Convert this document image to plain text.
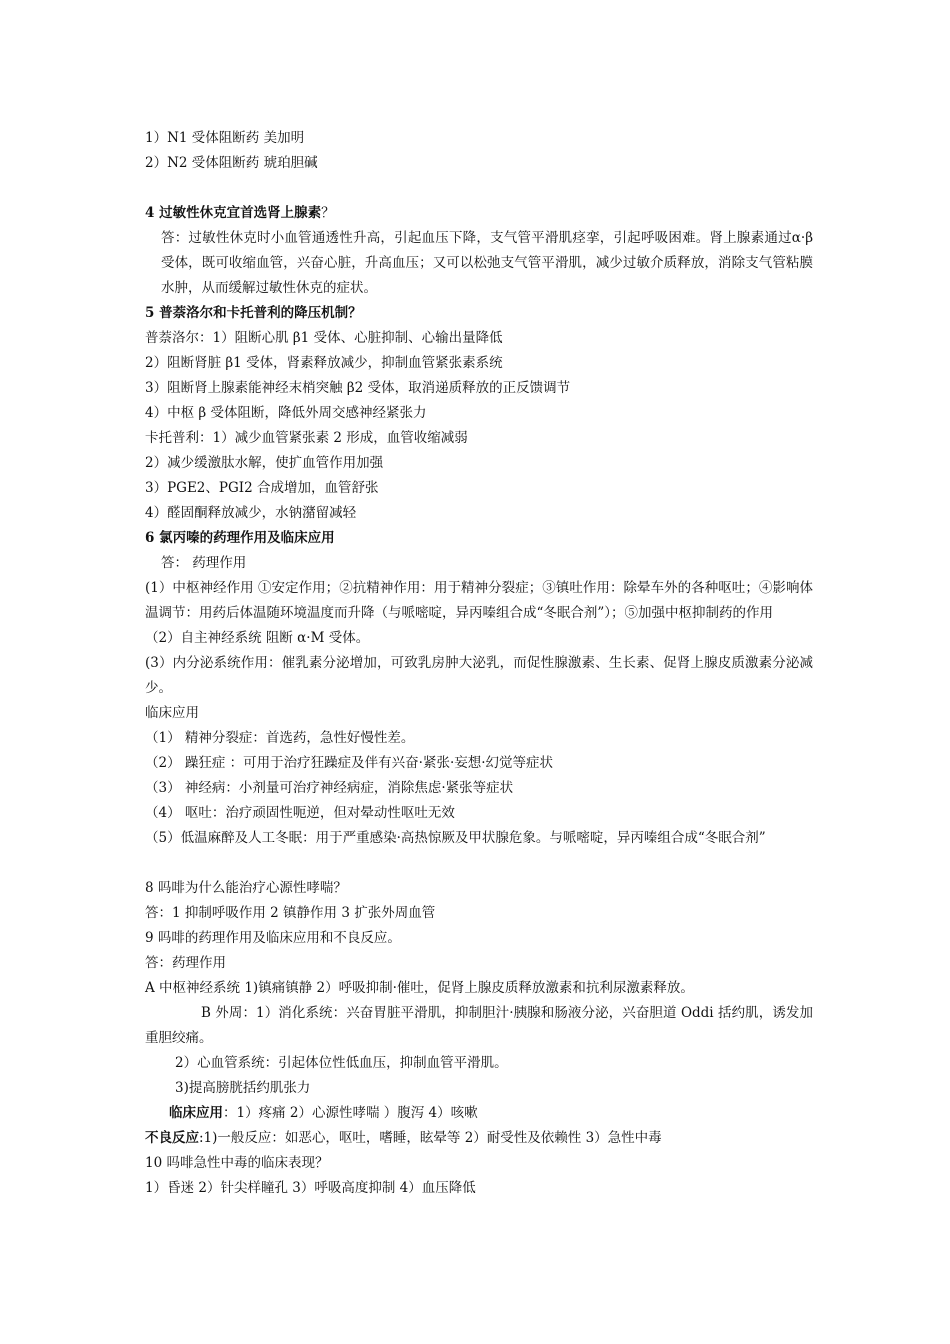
1）N1 受体阻断药 美加明
2）N2 受体阻断药 琥珀胆碱
4 过敏性休克宜首选肾上腺素？
答：过敏性休克时小血管通透性升高，引起血压下降，支气管平滑肌痉挛，引起呼吸困难。肾上腺素通过α·β 受体，既可收缩血管，兴奋心脏，升高血压；又可以松弛支气管平滑肌，减少过敏介质释放，消除支气管粘膜水肿，从而缓解过敏性休克的症状。
5 普萘洛尔和卡托普利的降压机制？
普萘洛尔：1）阻断心肌 β1 受体、心脏抑制、心输出量降低
2）阻断肾脏 β1 受体，肾素释放减少，抑制血管紧张素系统
3）阻断肾上腺素能神经末梢突触 β2 受体，取消递质释放的正反馈调节
4）中枢 β 受体阻断，降低外周交感神经紧张力
卡托普利：1）减少血管紧张素 2 形成，血管收缩减弱
2）减少缓激肽水解，使扩血管作用加强
3）PGE2、PGI2 合成增加，血管舒张
4）醛固酮释放减少，水钠潴留减轻
6 氯丙嗪的药理作用及临床应用
答： 药理作用
(1）中枢神经作用 ①安定作用；②抗精神作用：用于精神分裂症；③镇吐作用：除晕车外的各种呕吐；④影响体温调节：用药后体温随环境温度而升降（与哌嘧啶，异丙嗪组合成“冬眠合剂”）；⑤加强中枢抑制药的作用
（2）自主神经系统 阻断 α·M 受体。
(3）内分泌系统作用：催乳素分泌增加，可致乳房肿大泌乳，而促性腺激素、生长素、促肾上腺皮质激素分泌减少。
临床应用
（1） 精神分裂症：首选药，急性好慢性差。
（2） 躁狂症 ：可用于治疗狂躁症及伴有兴奋·紧张·妄想·幻觉等症状
（3） 神经病：小剂量可治疗神经病症，消除焦虑·紧张等症状
（4） 呕吐：治疗顽固性呃逆，但对晕动性呕吐无效
（5）低温麻醉及人工冬眠：用于严重感染·高热惊厥及甲状腺危象。与哌嘧啶，异丙嗪组合成“冬眠合剂”
8 吗啡为什么能治疗心源性哮喘？
答：1 抑制呼吸作用 2 镇静作用 3 扩张外周血管
9 吗啡的药理作用及临床应用和不良反应。
答：药理作用
A 中枢神经系统 1)镇痛镇静 2）呼吸抑制·催吐，促肾上腺皮质释放激素和抗利尿激素释放。
B 外周：1）消化系统：兴奋胃脏平滑肌，抑制胆汁·胰腺和肠液分泌，兴奋胆道 Oddi 括约肌，诱发加重胆绞痛。
2）心血管系统：引起体位性低血压，抑制血管平滑肌。
3)提高膀胱括约肌张力
临床应用：1）疼痛 2）心源性哮喘 ）腹泻 4）咳嗽
不良反应:1)一般反应：如恶心，呕吐，嗜睡，眩晕等 2）耐受性及依赖性 3）急性中毒
10 吗啡急性中毒的临床表现？
1）昏迷 2）针尖样瞳孔 3）呼吸高度抑制 4）血压降低
